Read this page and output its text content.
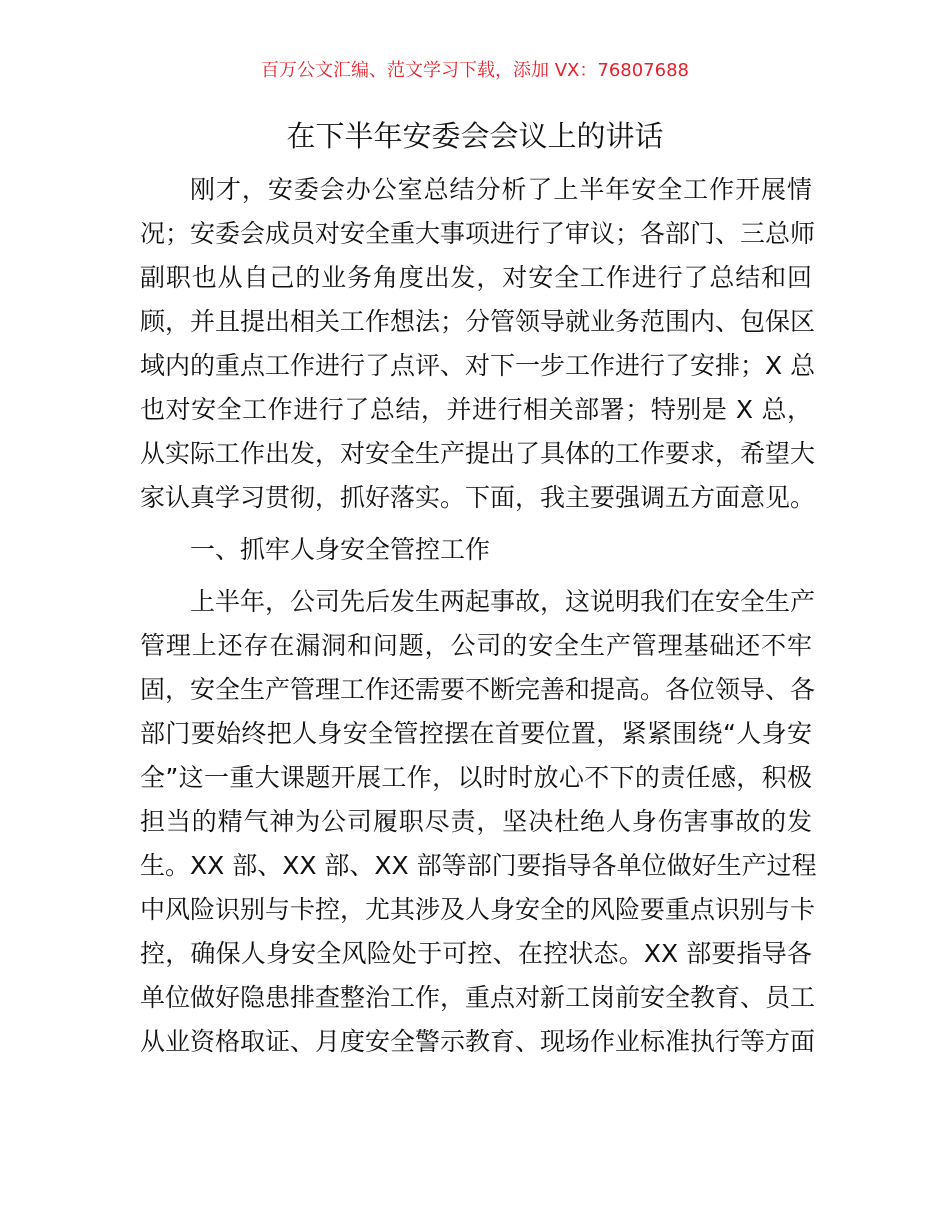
百万公文汇编、范文学习下载，添加 VX：76807688
在下半年安委会会议上的讲话
刚才，安委会办公室总结分析了上半年安全工作开展情
况；安委会成员对安全重大事项进行了审议；各部门、三总师
副职也从自己的业务角度出发，对安全工作进行了总结和回
顾，并且提出相关工作想法；分管领导就业务范围内、包保区
域内的重点工作进行了点评、对下一步工作进行了安排；X 总
也对安全工作进行了总结，并进行相关部署；特别是 X 总，
从实际工作出发，对安全生产提出了具体的工作要求，希望大
家认真学习贯彻，抓好落实。下面，我主要强调五方面意见。
一、抓牢人身安全管控工作
上半年，公司先后发生两起事故，这说明我们在安全生产
管理上还存在漏洞和问题，公司的安全生产管理基础还不牢
固，安全生产管理工作还需要不断完善和提高。各位领导、各
部门要始终把人身安全管控摆在首要位置，紧紧围绕“人身安
全”这一重大课题开展工作，以时时放心不下的责任感，积极
担当的精气神为公司履职尽责，坚决杜绝人身伤害事故的发
生。XX 部、XX 部、XX 部等部门要指导各单位做好生产过程
中风险识别与卡控，尤其涉及人身安全的风险要重点识别与卡
控，确保人身安全风险处于可控、在控状态。XX 部要指导各
单位做好隐患排查整治工作，重点对新工岗前安全教育、员工
从业资格取证、月度安全警示教育、现场作业标准执行等方面
